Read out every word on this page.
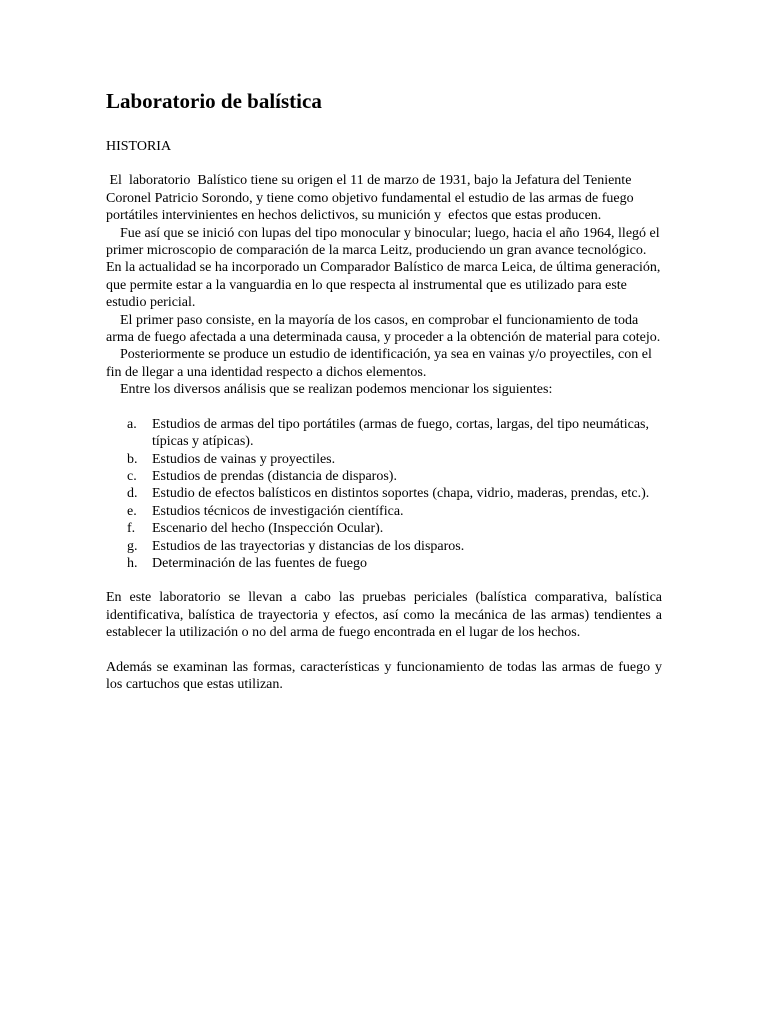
Laboratorio de balística
HISTORIA

El  laboratorio  Balístico tiene su origen el 11 de marzo de 1931, bajo la Jefatura del Teniente Coronel Patricio Sorondo, y tiene como objetivo fundamental el estudio de las armas de fuego portátiles intervinientes en hechos delictivos, su munición y  efectos que estas producen.

Fue así que se inició con lupas del tipo monocular y binocular; luego, hacia el año 1964, llegó el primer microscopio de comparación de la marca Leitz, produciendo un gran avance tecnológico. En la actualidad se ha incorporado un Comparador Balístico de marca Leica, de última generación, que permite estar a la vanguardia en lo que respecta al instrumental que es utilizado para este estudio pericial.

El primer paso consiste, en la mayoría de los casos, en comprobar el funcionamiento de toda arma de fuego afectada a una determinada causa, y proceder a la obtención de material para cotejo.

Posteriormente se produce un estudio de identificación, ya sea en vainas y/o proyectiles, con el fin de llegar a una identidad respecto a dichos elementos.

Entre los diversos análisis que se realizan podemos mencionar los siguientes:

a.	Estudios de armas del tipo portátiles (armas de fuego, cortas, largas, del tipo neumáticas, típicas y atípicas).
b.	Estudios de vainas y proyectiles.
c.	Estudios de prendas (distancia de disparos).
d.	Estudio de efectos balísticos en distintos soportes (chapa, vidrio, maderas, prendas, etc.).
e.	Estudios técnicos de investigación científica.
f.	Escenario del hecho (Inspección Ocular).
g.	Estudios de las trayectorias y distancias de los disparos.
h.	Determinación de las fuentes de fuego

En este laboratorio se llevan a cabo las pruebas periciales (balística comparativa, balística identificativa, balística de trayectoria y efectos, así como la mecánica de las armas) tendientes a establecer la utilización o no del arma de fuego encontrada en el lugar de los hechos.

Además se examinan las formas, características y funcionamiento de todas las armas de fuego y los cartuchos que estas utilizan.
